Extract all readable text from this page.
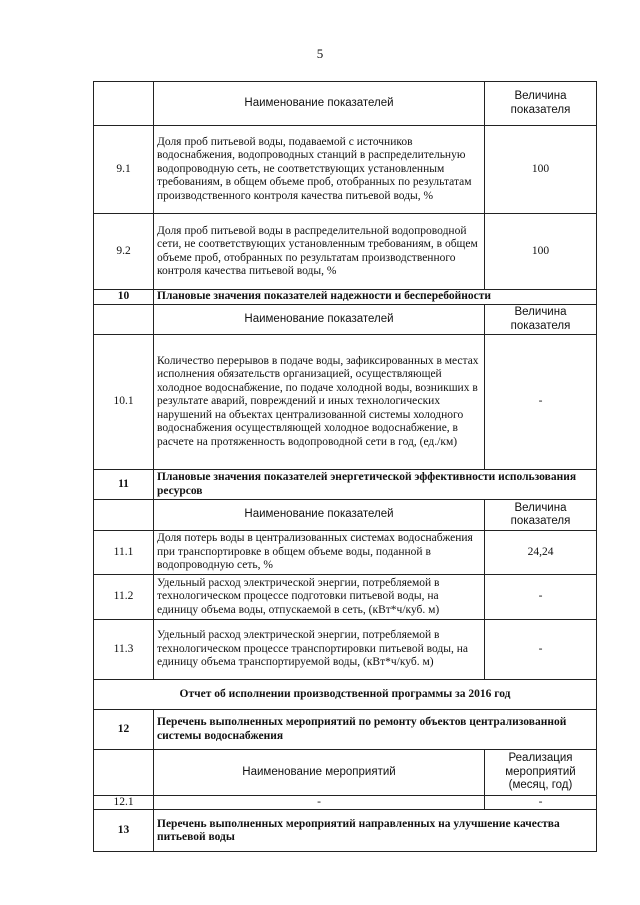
5
	Наименование показателей	Величина показателя
9.1	Доля проб питьевой воды, подаваемой с источников водоснабжения, водопроводных станций в распределительную водопроводную сеть, не соответствующих установленным требованиям, в общем объеме проб, отобранных по результатам производственного контроля качества питьевой воды, %	100
9.2	Доля проб питьевой воды в распределительной водопроводной сети, не соответствующих установленным требованиям, в общем объеме проб, отобранных по результатам производственного контроля качества питьевой воды, %	100
10	Плановые значения показателей надежности и бесперебойности	
	Наименование показателей	Величина показателя
10.1	Количество перерывов в подаче воды, зафиксированных в местах исполнения обязательств организацией, осуществляющей холодное водоснабжение, по подаче холодной воды, возникших в результате аварий, повреждений и иных технологических нарушений на объектах централизованной системы холодного водоснабжения осуществляющей холодное водоснабжение, в расчете на протяженность водопроводной сети в год, (ед./км)	-
11	Плановые значения показателей энергетической эффективности использования ресурсов	
	Наименование показателей	Величина показателя
11.1	Доля потерь воды в централизованных системах водоснабжения при транспортировке в общем объеме воды, поданной в водопроводную сеть, %	24,24
11.2	Удельный расход электрической энергии, потребляемой в технологическом процессе подготовки питьевой воды, на единицу объема воды, отпускаемой в сеть, (кВт*ч/куб. м)	-
11.3	Удельный расход электрической энергии, потребляемой в технологическом процессе транспортировки питьевой воды, на единицу объема транспортируемой воды, (кВт*ч/куб. м)	-
Отчет об исполнении производственной программы за 2016 год		
12	Перечень выполненных мероприятий по ремонту объектов централизованной системы водоснабжения	
	Наименование мероприятий	Реализация мероприятий (месяц, год)
12.1	-	-
13	Перечень выполненных мероприятий направленных на улучшение качества питьевой воды	
